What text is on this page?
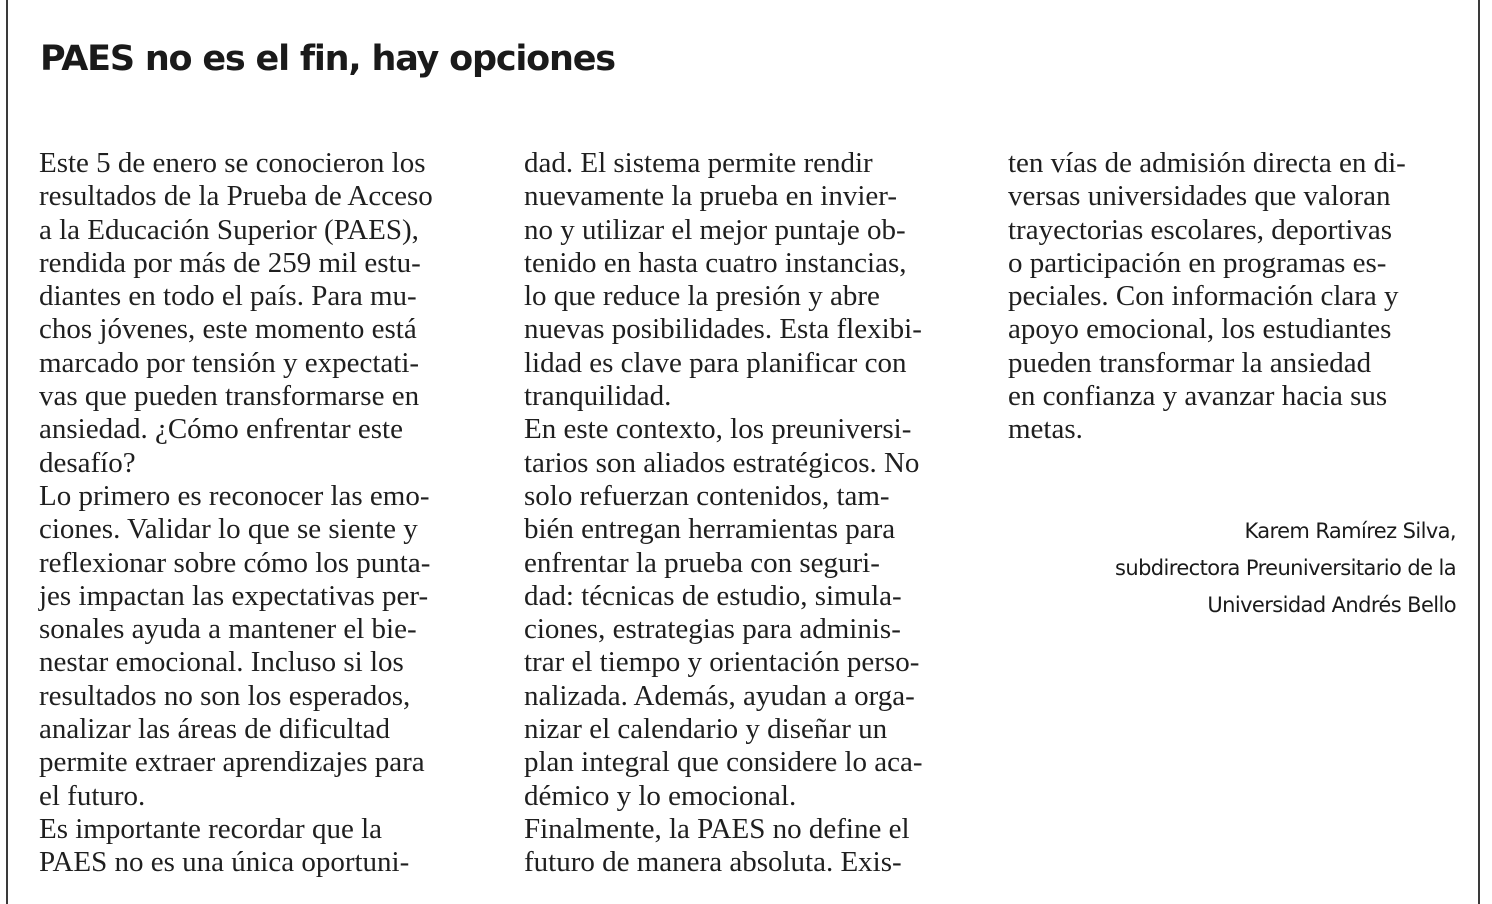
PAES no es el fin, hay opciones
Este 5 de enero se conocieron los
resultados de la Prueba de Acceso
a la Educación Superior (PAES),
rendida por más de 259 mil estu-
diantes en todo el país. Para mu-
chos jóvenes, este momento está
marcado por tensión y expectati-
vas que pueden transformarse en
ansiedad. ¿Cómo enfrentar este
desafío?
Lo primero es reconocer las emo-
ciones. Validar lo que se siente y
reflexionar sobre cómo los punta-
jes impactan las expectativas per-
sonales ayuda a mantener el bie-
nestar emocional. Incluso si los
resultados no son los esperados,
analizar las áreas de dificultad
permite extraer aprendizajes para
el futuro.
Es importante recordar que la
PAES no es una única oportuni-
dad. El sistema permite rendir
nuevamente la prueba en invier-
no y utilizar el mejor puntaje ob-
tenido en hasta cuatro instancias,
lo que reduce la presión y abre
nuevas posibilidades. Esta flexibi-
lidad es clave para planificar con
tranquilidad.
En este contexto, los preuniversi-
tarios son aliados estratégicos. No
solo refuerzan contenidos, tam-
bién entregan herramientas para
enfrentar la prueba con seguri-
dad: técnicas de estudio, simula-
ciones, estrategias para adminis-
trar el tiempo y orientación perso-
nalizada. Además, ayudan a orga-
nizar el calendario y diseñar un
plan integral que considere lo aca-
démico y lo emocional.
Finalmente, la PAES no define el
futuro de manera absoluta. Exis-
ten vías de admisión directa en di-
versas universidades que valoran
trayectorias escolares, deportivas
o participación en programas es-
peciales. Con información clara y
apoyo emocional, los estudiantes
pueden transformar la ansiedad
en confianza y avanzar hacia sus
metas.
Karem Ramírez Silva,
subdirectora Preuniversitario de la
Universidad Andrés Bello
